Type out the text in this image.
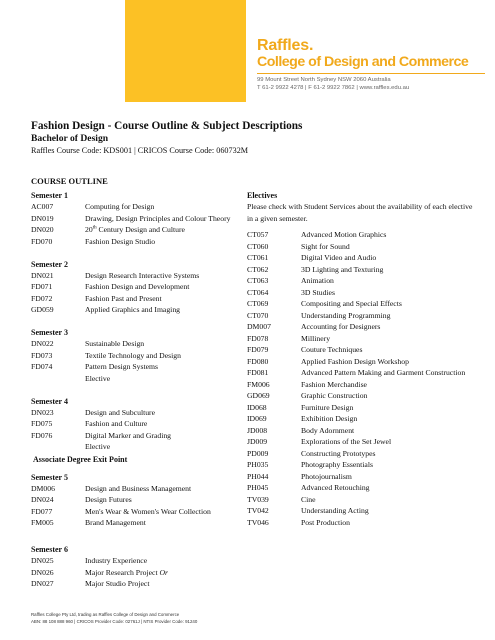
Raffles.
College of Design and Commerce
99 Mount Street North Sydney NSW 2060 Australia
T 61-2 9922 4278 | F 61-2 9922 7862 | www.raffles.edu.au
Fashion Design - Course Outline & Subject Descriptions
Bachelor of Design
Raffles Course Code: KDS001 | CRICOS Course Code: 060732M
COURSE OUTLINE
Semester 1
AC007	Computing for Design
DN019	Drawing, Design Principles and Colour Theory
DN020	20th Century Design and Culture
FD070	Fashion Design Studio
Semester 2
DN021	Design Research Interactive Systems
FD071	Fashion Design and Development
FD072	Fashion Past and Present
GD059	Applied Graphics and Imaging
Semester 3
DN022	Sustainable Design
FD073	Textile Technology and Design
FD074	Pattern Design Systems
Elective
Semester 4
DN023	Design and Subculture
FD075	Fashion and Culture
FD076	Digital Marker and Grading
Elective
Associate Degree Exit Point
Semester 5
DM006	Design and Business Management
DN024	Design Futures
FD077	Men's Wear & Women's Wear Collection
FM005	Brand Management
Semester 6
DN025	Industry Experience
DN026	Major Research Project Or
DN027	Major Studio Project
Electives
Please check with Student Services about the availability of each elective in a given semester.
CT057	Advanced Motion Graphics
CT060	Sight for Sound
CT061	Digital Video and Audio
CT062	3D Lighting and Texturing
CT063	Animation
CT064	3D Studies
CT069	Compositing and Special Effects
CT070	Understanding Programming
DM007	Accounting for Designers
FD078	Millinery
FD079	Couture Techniques
FD080	Applied Fashion Design Workshop
FD081	Advanced Pattern Making and Garment Construction
FM006	Fashion Merchandise
GD069	Graphic Construction
ID068	Furniture Design
ID069	Exhibition Design
JD008	Body Adornment
JD009	Explorations of the Set Jewel
PD009	Constructing Prototypes
PH035	Photography Essentials
PH044	Photojournalism
PH045	Advanced Retouching
TV039	Cine
TV042	Understanding Acting
TV046	Post Production
Raffles College Pty Ltd, trading as Raffles College of Design and Commerce
ABN: 88 108 888 960 | CRICOS Provider Code: 02761J | NTIS Provider Code: 91240
